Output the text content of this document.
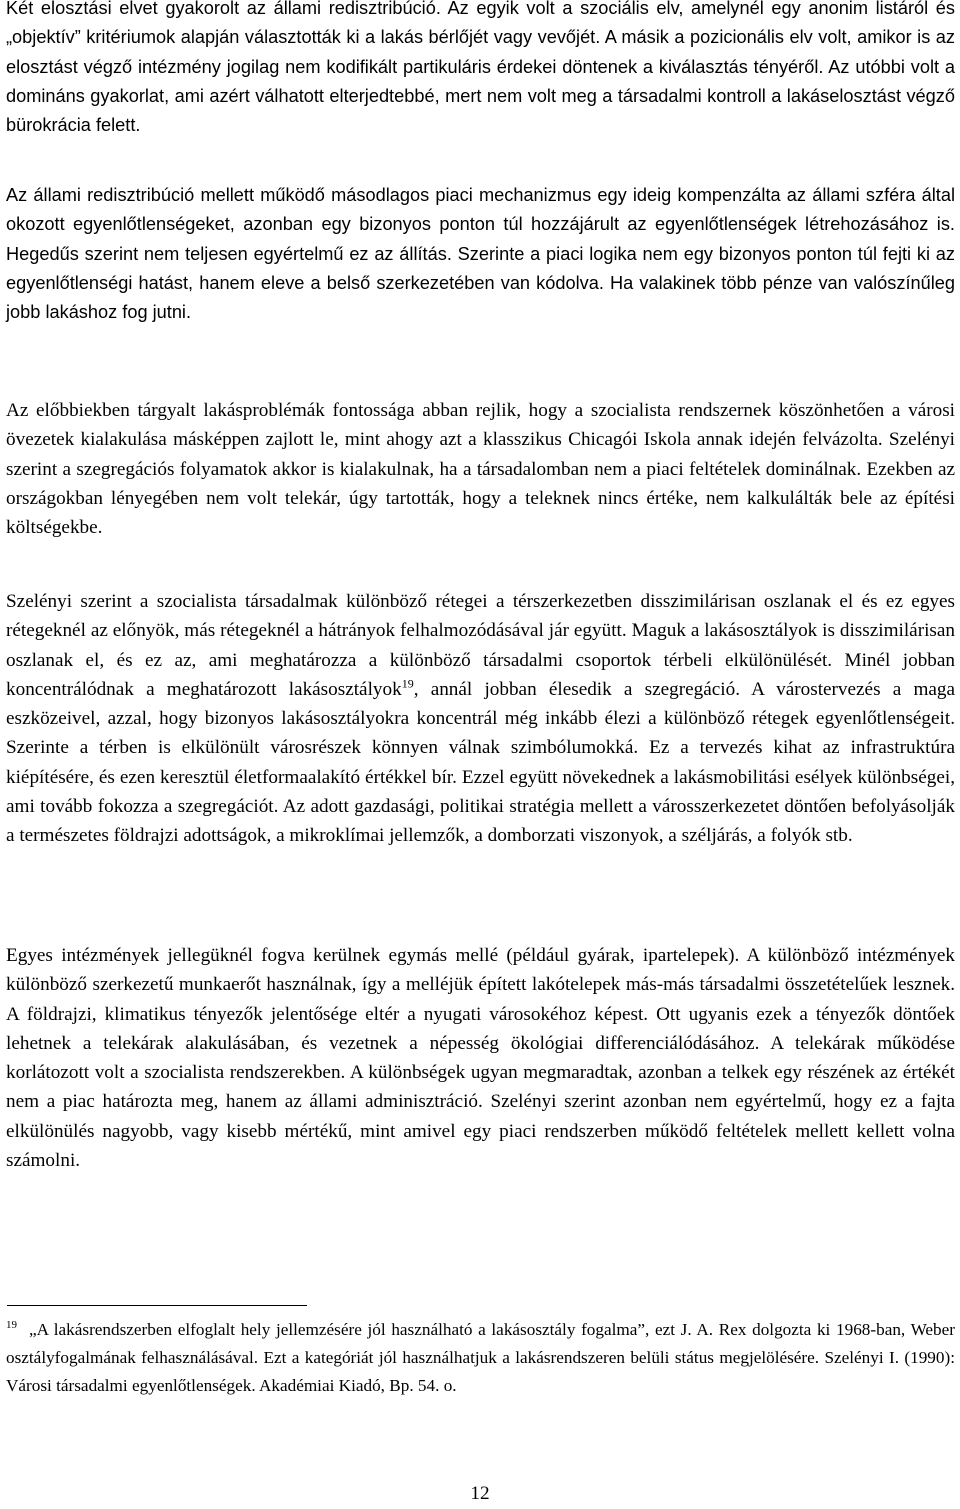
Két elosztási elvet gyakorolt az állami redisztribúció. Az egyik volt a szociális elv, amelynél egy anonim listáról és „objektív” kritériumok alapján választották ki a lakás bérlőjét vagy vevőjét. A másik a pozicionális elv volt, amikor is az elosztást végző intézmény jogilag nem kodifikált partikuláris érdekei döntenek a kiválasztás tényéről. Az utóbbi volt a domináns gyakorlat, ami azért válhatott elterjedtebbé, mert nem volt meg a társadalmi kontroll a lakáselosztást végző bürokrácia felett.

Az állami redisztribúció mellett működő másodlagos piaci mechanizmus egy ideig kompenzálta az állami szféra által okozott egyenlőtlenségeket, azonban egy bizonyos ponton túl hozzájárult az egyenlőtlenségek létrehozásához is. Hegedűs szerint nem teljesen egyértelmű ez az állítás. Szerinte a piaci logika nem egy bizonyos ponton túl fejti ki az egyenlőtlenségi hatást, hanem eleve a belső szerkezetében van kódolva. Ha valakinek több pénze van valószínűleg jobb lakáshoz fog jutni.

Az előbbiekben tárgyalt lakásproblémák fontossága abban rejlik, hogy a szocialista rendszernek köszönhetően a városi övezetek kialakulása másképpen zajlott le, mint ahogy azt a klasszikus Chicagói Iskola annak idején felvázolta. Szelényi szerint a szegregációs folyamatok akkor is kialakulnak, ha a társadalomban nem a piaci feltételek dominálnak. Ezekben az országokban lényegében nem volt telekár, úgy tartották, hogy a teleknek nincs értéke, nem kalkulálták bele az építési költségekbe.

Szelényi szerint a szocialista társadalmak különböző rétegei a térszerkezetben disszimilárisan oszlanak el és ez egyes rétegeknél az előnyök, más rétegeknél a hátrányok felhalmozódásával jár együtt. Maguk a lakásosztályok is disszimilárisan oszlanak el, és ez az, ami meghatározza a különböző társadalmi csoportok térbeli elkülönülését. Minél jobban koncentrálódnak a meghatározott lakásosztályok$^{19}$, annál jobban élesedik a szegregáció. A várostervezés a maga eszközeivel, azzal, hogy bizonyos lakásosztályokra koncentrál még inkább élezi a különböző rétegek egyenlőtlenségeit. Szerinte a térben is elkülönült városrészek könnyen válnak szimbólumokká. Ez a tervezés kihat az infrastruktúra kiépítésére, és ezen keresztül életformaalakító értékkel bír. Ezzel együtt növekednek a lakásmobilitási esélyek különbségei, ami tovább fokozza a szegregációt. Az adott gazdasági, politikai stratégia mellett a városszerkezetet döntően befolyásolják a természetes földrajzi adottságok, a mikroklímai jellemzők, a domborzati viszonyok, a széljárás, a folyók stb.

Egyes intézmények jellegüknél fogva kerülnek egymás mellé (például gyárak, ipartelepek). A különböző intézmények különböző szerkezetű munkaerőt használnak, így a melléjük épített lakótelepek más-más társadalmi összetételűek lesznek. A földrajzi, klimatikus tényezők jelentősége eltér a nyugati városokéhoz képest. Ott ugyanis ezek a tényezők döntőek lehetnek a telekárak alakulásában, és vezetnek a népesség ökológiai differenciálódásához. A telekárak működése korlátozott volt a szocialista rendszerekben. A különbségek ugyan megmaradtak, azonban a telkek egy részének az értékét nem a piac határozta meg, hanem az állami adminisztráció. Szelényi szerint azonban nem egyértelmű, hogy ez a fajta elkülönülés nagyobb, vagy kisebb mértékű, mint amivel egy piaci rendszerben működő feltételek mellett kellett volna számolni.

$^{19}$ „A lakásrendszerben elfoglalt hely jellemzésére jól használható a lakásosztály fogalma”, ezt J. A. Rex dolgozta ki 1968-ban, Weber osztályfogalmának felhasználásával. Ezt a kategóriát jól használhatjuk a lakásrendszeren belüli státus megjelölésére. Szelényi I. (1990): Városi társadalmi egyenlőtlenségek. Akadémiai Kiadó, Bp. 54. o.

12
